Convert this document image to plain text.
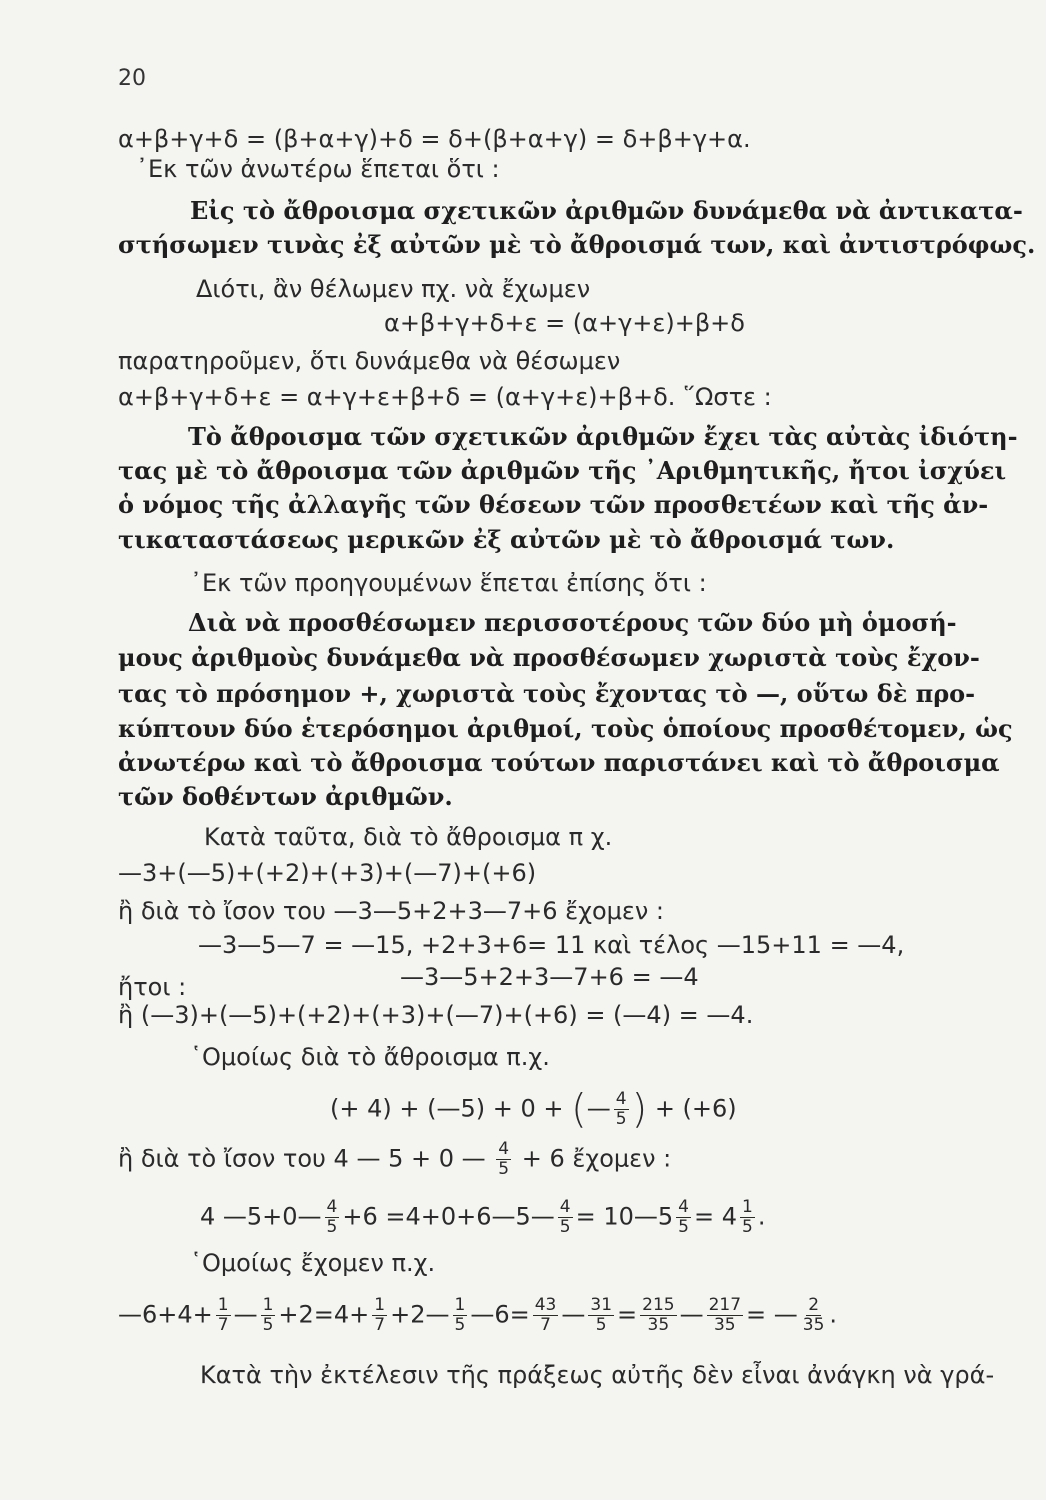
20
α+β+γ+δ = (β+α+γ)+δ = δ+(β+α+γ) = δ+β+γ+α.
᾿Εκ τῶν ἀνωτέρω ἕπεται ὅτι :
Εἰς τὸ ἄθροισμα σχετικῶν ἀριθμῶν δυνάμεθα νὰ ἀντικατα-
στήσωμεν τινὰς ἐξ αὐτῶν μὲ τὸ ἄθροισμά των, καὶ ἀντιστρόφως.
Διότι, ἂν θέλωμεν πχ. νὰ ἔχωμεν
α+β+γ+δ+ε = (α+γ+ε)+β+δ
παρατηροῦμεν, ὅτι δυνάμεθα νὰ θέσωμεν
α+β+γ+δ+ε = α+γ+ε+β+δ = (α+γ+ε)+β+δ. ῞Ωστε :
Τὸ ἄθροισμα τῶν σχετικῶν ἀριθμῶν ἔχει τὰς αὐτὰς ἰδιότη-
τας μὲ τὸ ἄθροισμα τῶν ἀριθμῶν τῆς ᾿Αριθμητικῆς, ἤτοι ἰσχύει
ὁ νόμος τῆς ἀλλαγῆς τῶν θέσεων τῶν προσθετέων καὶ τῆς ἀν-
τικαταστάσεως μερικῶν ἐξ αὐτῶν μὲ τὸ ἄθροισμά των.
᾿Εκ τῶν προηγουμένων ἕπεται ἐπίσης ὅτι :
Διὰ νὰ προσθέσωμεν περισσοτέρους τῶν δύο μὴ ὁμοσή-
μους ἀριθμοὺς δυνάμεθα νὰ προσθέσωμεν χωριστὰ τοὺς ἔχον-
τας τὸ πρόσημον +, χωριστὰ τοὺς ἔχοντας τὸ —, οὕτω δὲ προ-
κύπτουν δύο ἑτερόσημοι ἀριθμοί, τοὺς ὁποίους προσθέτομεν, ὡς
ἀνωτέρω καὶ τὸ ἄθροισμα τούτων παριστάνει καὶ τὸ ἄθροισμα
τῶν δοθέντων ἀριθμῶν.
Κατὰ ταῦτα, διὰ τὸ ἄθροισμα π χ.
—3+(—5)+(+2)+(+3)+(—7)+(+6)
ἢ διὰ τὸ ἴσον του —3—5+2+3—7+6 ἔχομεν :
—3—5—7 = —15, +2+3+6= 11 καὶ τέλος —15+11 = —4,
ἤτοι :	—3—5+2+3—7+6 = —4
ἢ (—3)+(—5)+(+2)+(+3)+(—7)+(+6) = (—4) = —4.
῾Ομοίως διὰ τὸ ἄθροισμα π.χ.
(+ 4) + (—5) + 0 + (— $\frac{4}{5}$ ) + (+6)
ἢ διὰ τὸ ἴσον του 4 — 5 + 0 — $\frac{4}{5} + 6$ ἔχομεν :
4 —5+0— $\frac{4}{5} +6$ =4+0+6—5— $\frac{4}{5}$ = 10—5 $\frac{4}{5} = 4 \frac{1}{5}$ .
῾Ομοίως ἔχομεν π.χ.
—6+4+ $\frac{1}{7}$ — $\frac{1}{5} +2=4+ \frac{1}{7}$ +2— $\frac{1}{5}$ —6= $\frac{43}{7}$ — $\frac{31}{5} = \frac{215}{35}$ — $\frac{217}{35}$ = — $\frac{2}{35}$ .
Κατὰ τὴν ἐκτέλεσιν τῆς πράξεως αὐτῆς δὲν εἶναι ἀνάγκη νὰ γρά-
